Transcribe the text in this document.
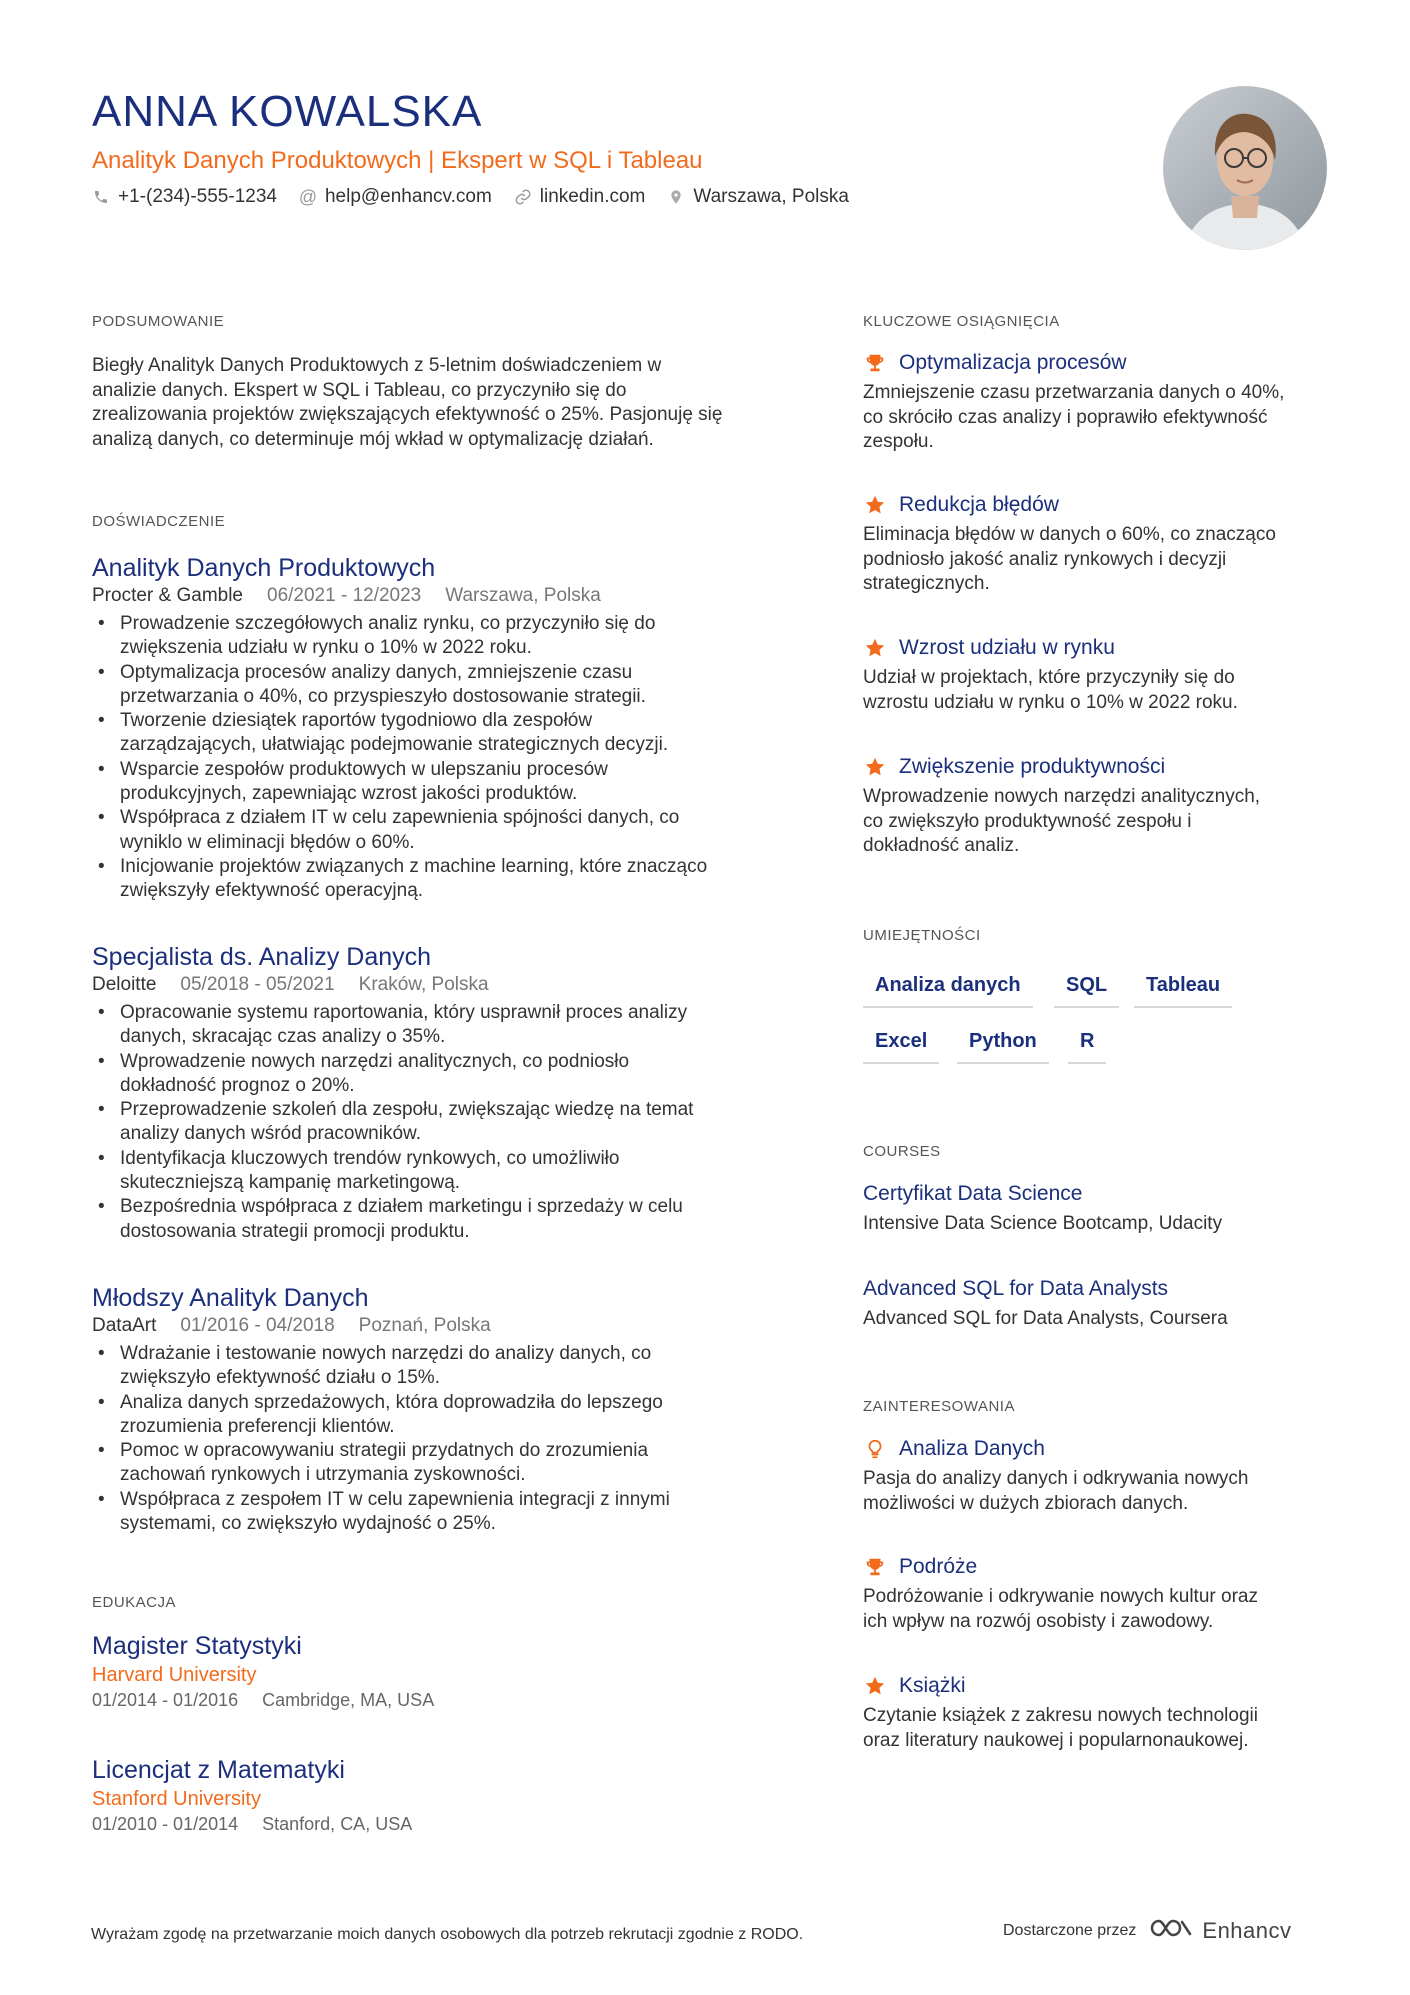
ANNA KOWALSKA
Analityk Danych Produktowych | Ekspert w SQL i Tableau
+1-(234)-555-1234 @ help@enhancv.com	linkedin.com	Warszawa, Polska
PODSUMOWANIE
Biegły Analityk Danych Produktowych z 5-letnim doświadczeniem w
analizie danych. Ekspert w SQL i Tableau, co przyczyniło się do
zrealizowania projektów zwiększających efektywność o 25%. Pasjonuję się
analizą danych, co determinuje mój wkład w optymalizację działań.
DOŚWIADCZENIE
Analityk Danych Produktowych
Procter & Gamble 06/2021 - 12/2023 Warszawa, Polska
• Prowadzenie szczegółowych analiz rynku, co przyczyniło się do
zwiększenia udziału w rynku o 10% w 2022 roku.
• Optymalizacja procesów analizy danych, zmniejszenie czasu
przetwarzania o 40%, co przyspieszyło dostosowanie strategii.
• Tworzenie dziesiątek raportów tygodniowo dla zespołów
zarządzających, ułatwiając podejmowanie strategicznych decyzji.
• Wsparcie zespołów produktowych w ulepszaniu procesów
produkcyjnych, zapewniając wzrost jakości produktów.
• Współpraca z działem IT w celu zapewnienia spójności danych, co
wyniklo w eliminacji błędów o 60%.
• Inicjowanie projektów związanych z machine learning, które znacząco
zwiększyły efektywność operacyjną.
Specjalista ds. Analizy Danych
Deloitte 05/2018 - 05/2021 Kraków, Polska
• Opracowanie systemu raportowania, który usprawnił proces analizy
danych, skracając czas analizy o 35%.
• Wprowadzenie nowych narzędzi analitycznych, co podniosło
dokładność prognoz o 20%.
• Przeprowadzenie szkoleń dla zespołu, zwiększając wiedzę na temat
analizy danych wśród pracowników.
• Identyfikacja kluczowych trendów rynkowych, co umożliwiło
skuteczniejszą kampanię marketingową.
• Bezpośrednia współpraca z działem marketingu i sprzedaży w celu
dostosowania strategii promocji produktu.
Młodszy Analityk Danych
DataArt 01/2016 - 04/2018 Poznań, Polska
• Wdrażanie i testowanie nowych narzędzi do analizy danych, co
zwiększyło efektywność działu o 15%.
• Analiza danych sprzedażowych, która doprowadziła do lepszego
zrozumienia preferencji klientów.
• Pomoc w opracowywaniu strategii przydatnych do zrozumienia
zachowań rynkowych i utrzymania zyskowności.
• Współpraca z zespołem IT w celu zapewnienia integracji z innymi
systemami, co zwiększyło wydajność o 25%.
EDUKACJA
Magister Statystyki
Harvard University
01/2014 - 01/2016 Cambridge, MA, USA
Licencjat z Matematyki
Stanford University
01/2010 - 01/2014 Stanford, CA, USA
KLUCZOWE OSIĄGNIĘCIA
Optymalizacja procesów
Zmniejszenie czasu przetwarzania danych o 40%,
co skróciło czas analizy i poprawiło efektywność
zespołu.
Redukcja błędów
Eliminacja błędów w danych o 60%, co znacząco
podniosło jakość analiz rynkowych i decyzji
strategicznych.
Wzrost udziału w rynku
Udział w projektach, które przyczyniły się do
wzrostu udziału w rynku o 10% w 2022 roku.
Zwiększenie produktywności
Wprowadzenie nowych narzędzi analitycznych,
co zwiększyło produktywność zespołu i
dokładność analiz.
UMIEJĘTNOŚCI
Analiza danych	SQL	Tableau
Excel	Python	R
COURSES
Certyfikat Data Science
Intensive Data Science Bootcamp, Udacity
Advanced SQL for Data Analysts
Advanced SQL for Data Analysts, Coursera
ZAINTERESOWANIA
Analiza Danych
Pasja do analizy danych i odkrywania nowych
możliwości w dużych zbiorach danych.
Podróże
Podróżowanie i odkrywanie nowych kultur oraz
ich wpływ na rozwój osobisty i zawodowy.
Książki
Czytanie książek z zakresu nowych technologii
oraz literatury naukowej i popularnonaukowej.
Wyrażam zgodę na przetwarzanie moich danych osobowych dla potrzeb rekrutacji zgodnie z RODO.	Dostarczone przez	Enhancv
